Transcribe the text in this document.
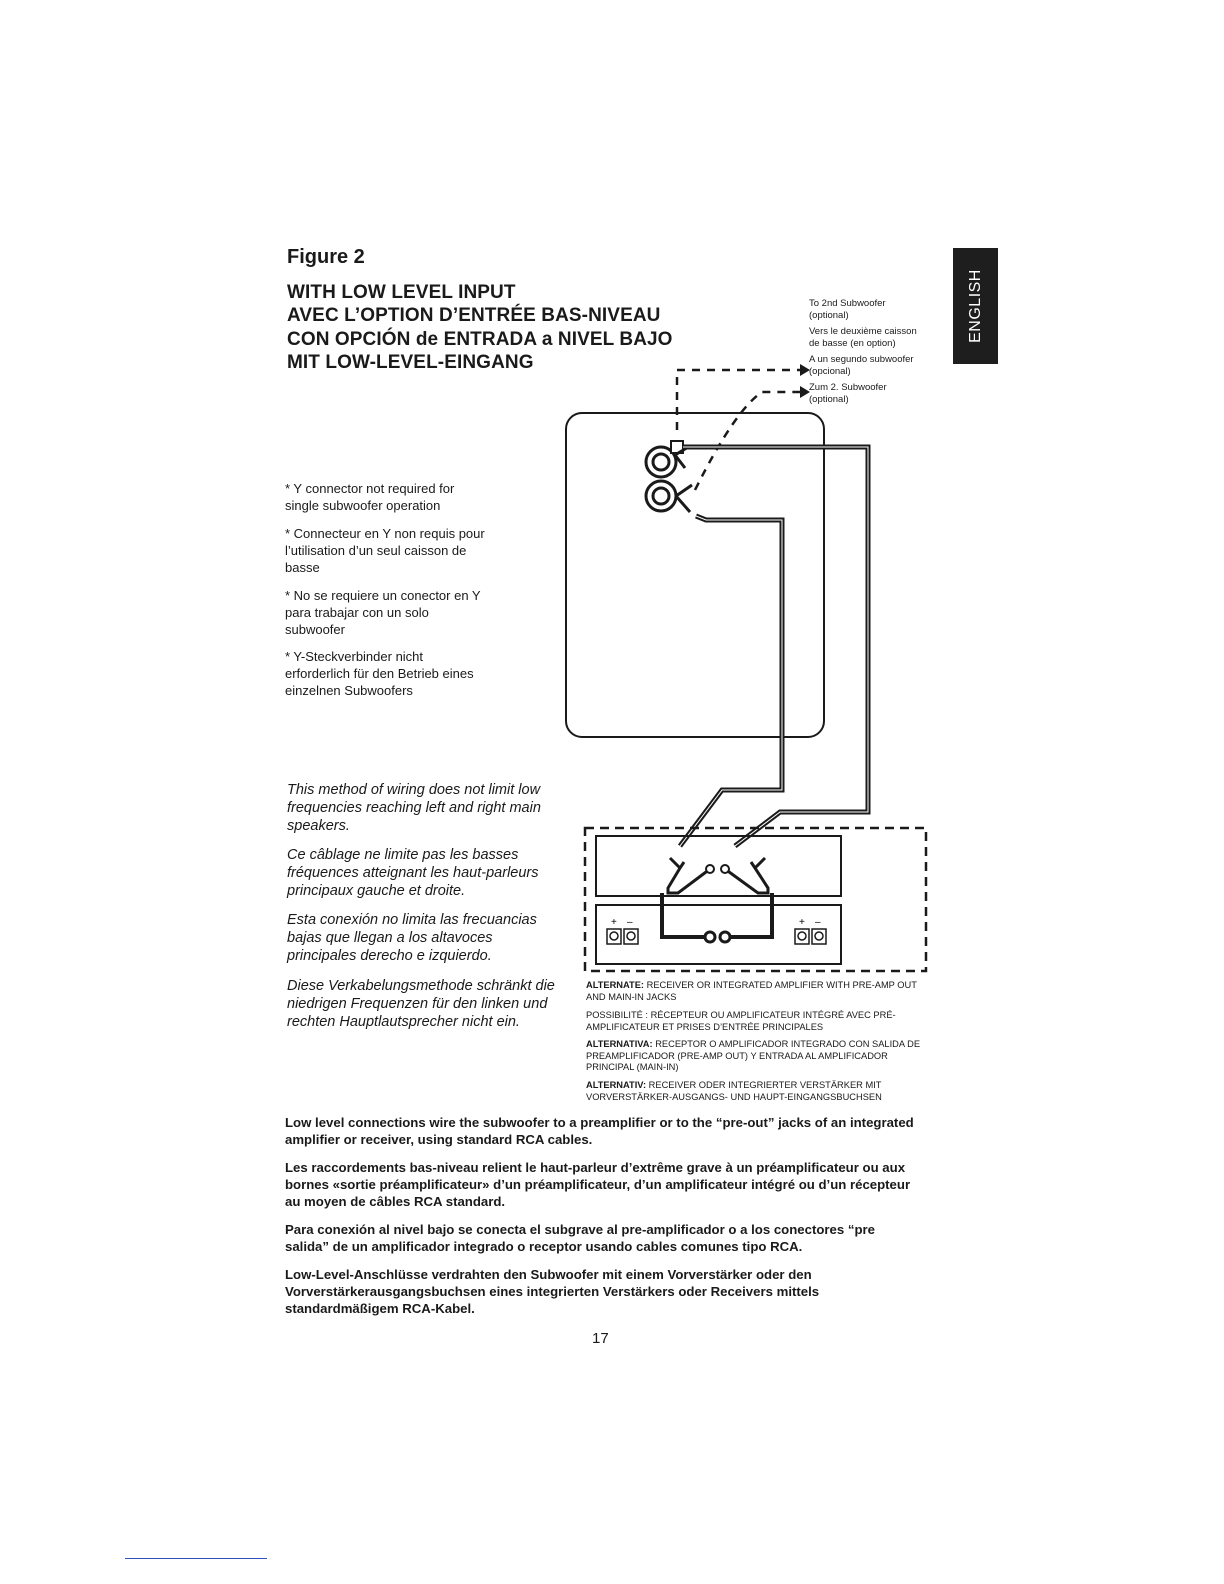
Figure 2
WITH LOW LEVEL INPUT
AVEC L’OPTION D’ENTRÉE BAS-NIVEAU
CON OPCIÓN de ENTRADA a NIVEL BAJO
MIT LOW-LEVEL-EINGANG
ENGLISH
To 2nd Subwoofer
(optional)
Vers le deuxième caisson
de basse (en option)
A un segundo subwoofer
(opcional)
Zum 2. Subwoofer
(optional)
* Y connector not required for single subwoofer operation
* Connecteur en Y non requis pour l’utilisation d’un seul caisson de basse
* No se requiere un conector en Y para trabajar con un solo subwoofer
* Y-Steckverbinder nicht erforderlich für den Betrieb eines einzelnen Subwoofers
This method of wiring does not limit low frequencies reaching left and right main speakers.
Ce câblage ne limite pas les basses fréquences atteignant les haut-parleurs principaux gauche et droite.
Esta conexión no limita las frecuancias bajas que llegan a los altavoces principales derecho e izquierdo.
Diese Verkabelungsmethode schränkt die niedrigen Frequenzen für den linken und rechten Hauptlautsprecher nicht ein.
ALTERNATE: RECEIVER OR INTEGRATED AMPLIFIER WITH PRE-AMP OUT AND MAIN-IN JACKS
POSSIBILITÉ : RÉCEPTEUR OU AMPLIFICATEUR INTÉGRÉ AVEC PRÉ-AMPLIFICATEUR ET PRISES D’ENTRÉE PRINCIPALES
ALTERNATIVA: RECEPTOR O AMPLIFICADOR INTEGRADO CON SALIDA DE PREAMPLIFICADOR (PRE-AMP OUT) Y ENTRADA AL AMPLIFICADOR PRINCIPAL (MAIN-IN)
ALTERNATIV: RECEIVER ODER INTEGRIERTER VERSTÄRKER MIT VORVERSTÄRKER-AUSGANGS- UND HAUPT-EINGANGSBUCHSEN
+ –	+ –
Low level connections wire the subwoofer to a preamplifier or to the “pre-out” jacks of an integrated amplifier or receiver, using standard RCA cables.
Les raccordements bas-niveau relient le haut-parleur d’extrême grave à un préamplificateur ou aux bornes «sortie préamplificateur» d’un préamplificateur, d’un amplificateur intégré ou d’un récepteur au moyen de câbles RCA standard.
Para conexión al nivel bajo se conecta el subgrave al pre-amplificador o a los conectores “pre salida” de un amplificador integrado o receptor usando cables comunes tipo RCA.
Low-Level-Anschlüsse verdrahten den Subwoofer mit einem Vorverstärker oder den Vorverstärkerausgangsbuchsen eines integrierten Verstärkers oder Receivers mittels standardmäßigem RCA-Kabel.
17
